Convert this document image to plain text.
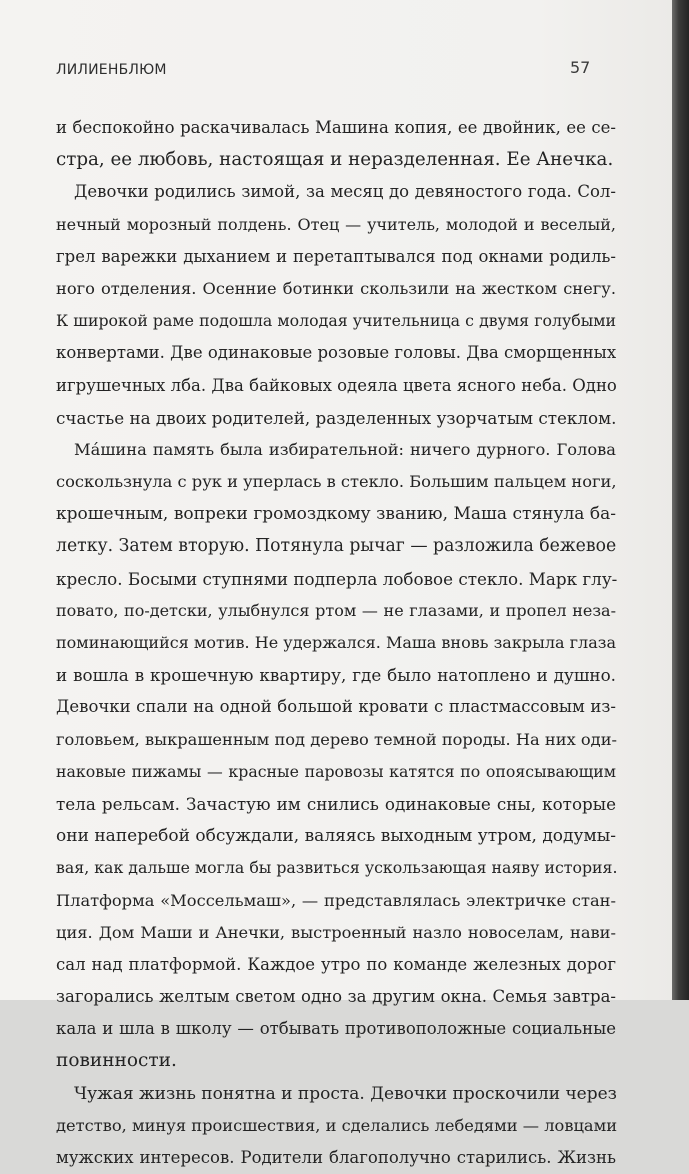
ЛИЛИЕНБЛЮМ	57
и беспокойно раскачивалась Машина копия, ее двойник, ее се-
стра, ее любовь, настоящая и неразделенная. Ее Анечка.
Девочки родились зимой, за месяц до девяностого года. Сол-
нечный морозный полдень. Отец — учитель, молодой и веселый,
грел варежки дыханием и перетаптывался под окнами родиль-
ного отделения. Осенние ботинки скользили на жестком снегу.
К широкой раме подошла молодая учительница с двумя голубыми
конвертами. Две одинаковые розовые головы. Два сморщенных
игрушечных лба. Два байковых одеяла цвета ясного неба. Одно
счастье на двоих родителей, разделенных узорчатым стеклом.
Máшина память была избирательной: ничего дурного. Голова
соскользнула с рук и уперлась в стекло. Большим пальцем ноги,
крошечным, вопреки громоздкому званию, Маша стянула ба-
летку. Затем вторую. Потянула рычаг — разложила бежевое
кресло. Босыми ступнями подперла лобовое стекло. Марк глу-
повато, по-детски, улыбнулся ртом — не глазами, и пропел неза-
поминающийся мотив. Не удержался. Маша вновь закрыла глаза
и вошла в крошечную квартиру, где было натоплено и душно.
Девочки спали на одной большой кровати с пластмассовым из-
головьем, выкрашенным под дерево темной породы. На них оди-
наковые пижамы — красные паровозы катятся по опоясывающим
тела рельсам. Зачастую им снились одинаковые сны, которые
они наперебой обсуждали, валяясь выходным утром, додумы-
вая, как дальше могла бы развиться ускользающая наяву история.
Платформа «Моссельмаш», — представлялась электричке стан-
ция. Дом Маши и Анечки, выстроенный назло новоселам, нави-
сал над платформой. Каждое утро по команде железных дорог
загорались желтым светом одно за другим окна. Семья завтра-
кала и шла в школу — отбывать противоположные социальные
повинности.
Чужая жизнь понятна и проста. Девочки проскочили через
детство, минуя происшествия, и сделались лебедями — ловцами
мужских интересов. Родители благополучно старились. Жизнь
